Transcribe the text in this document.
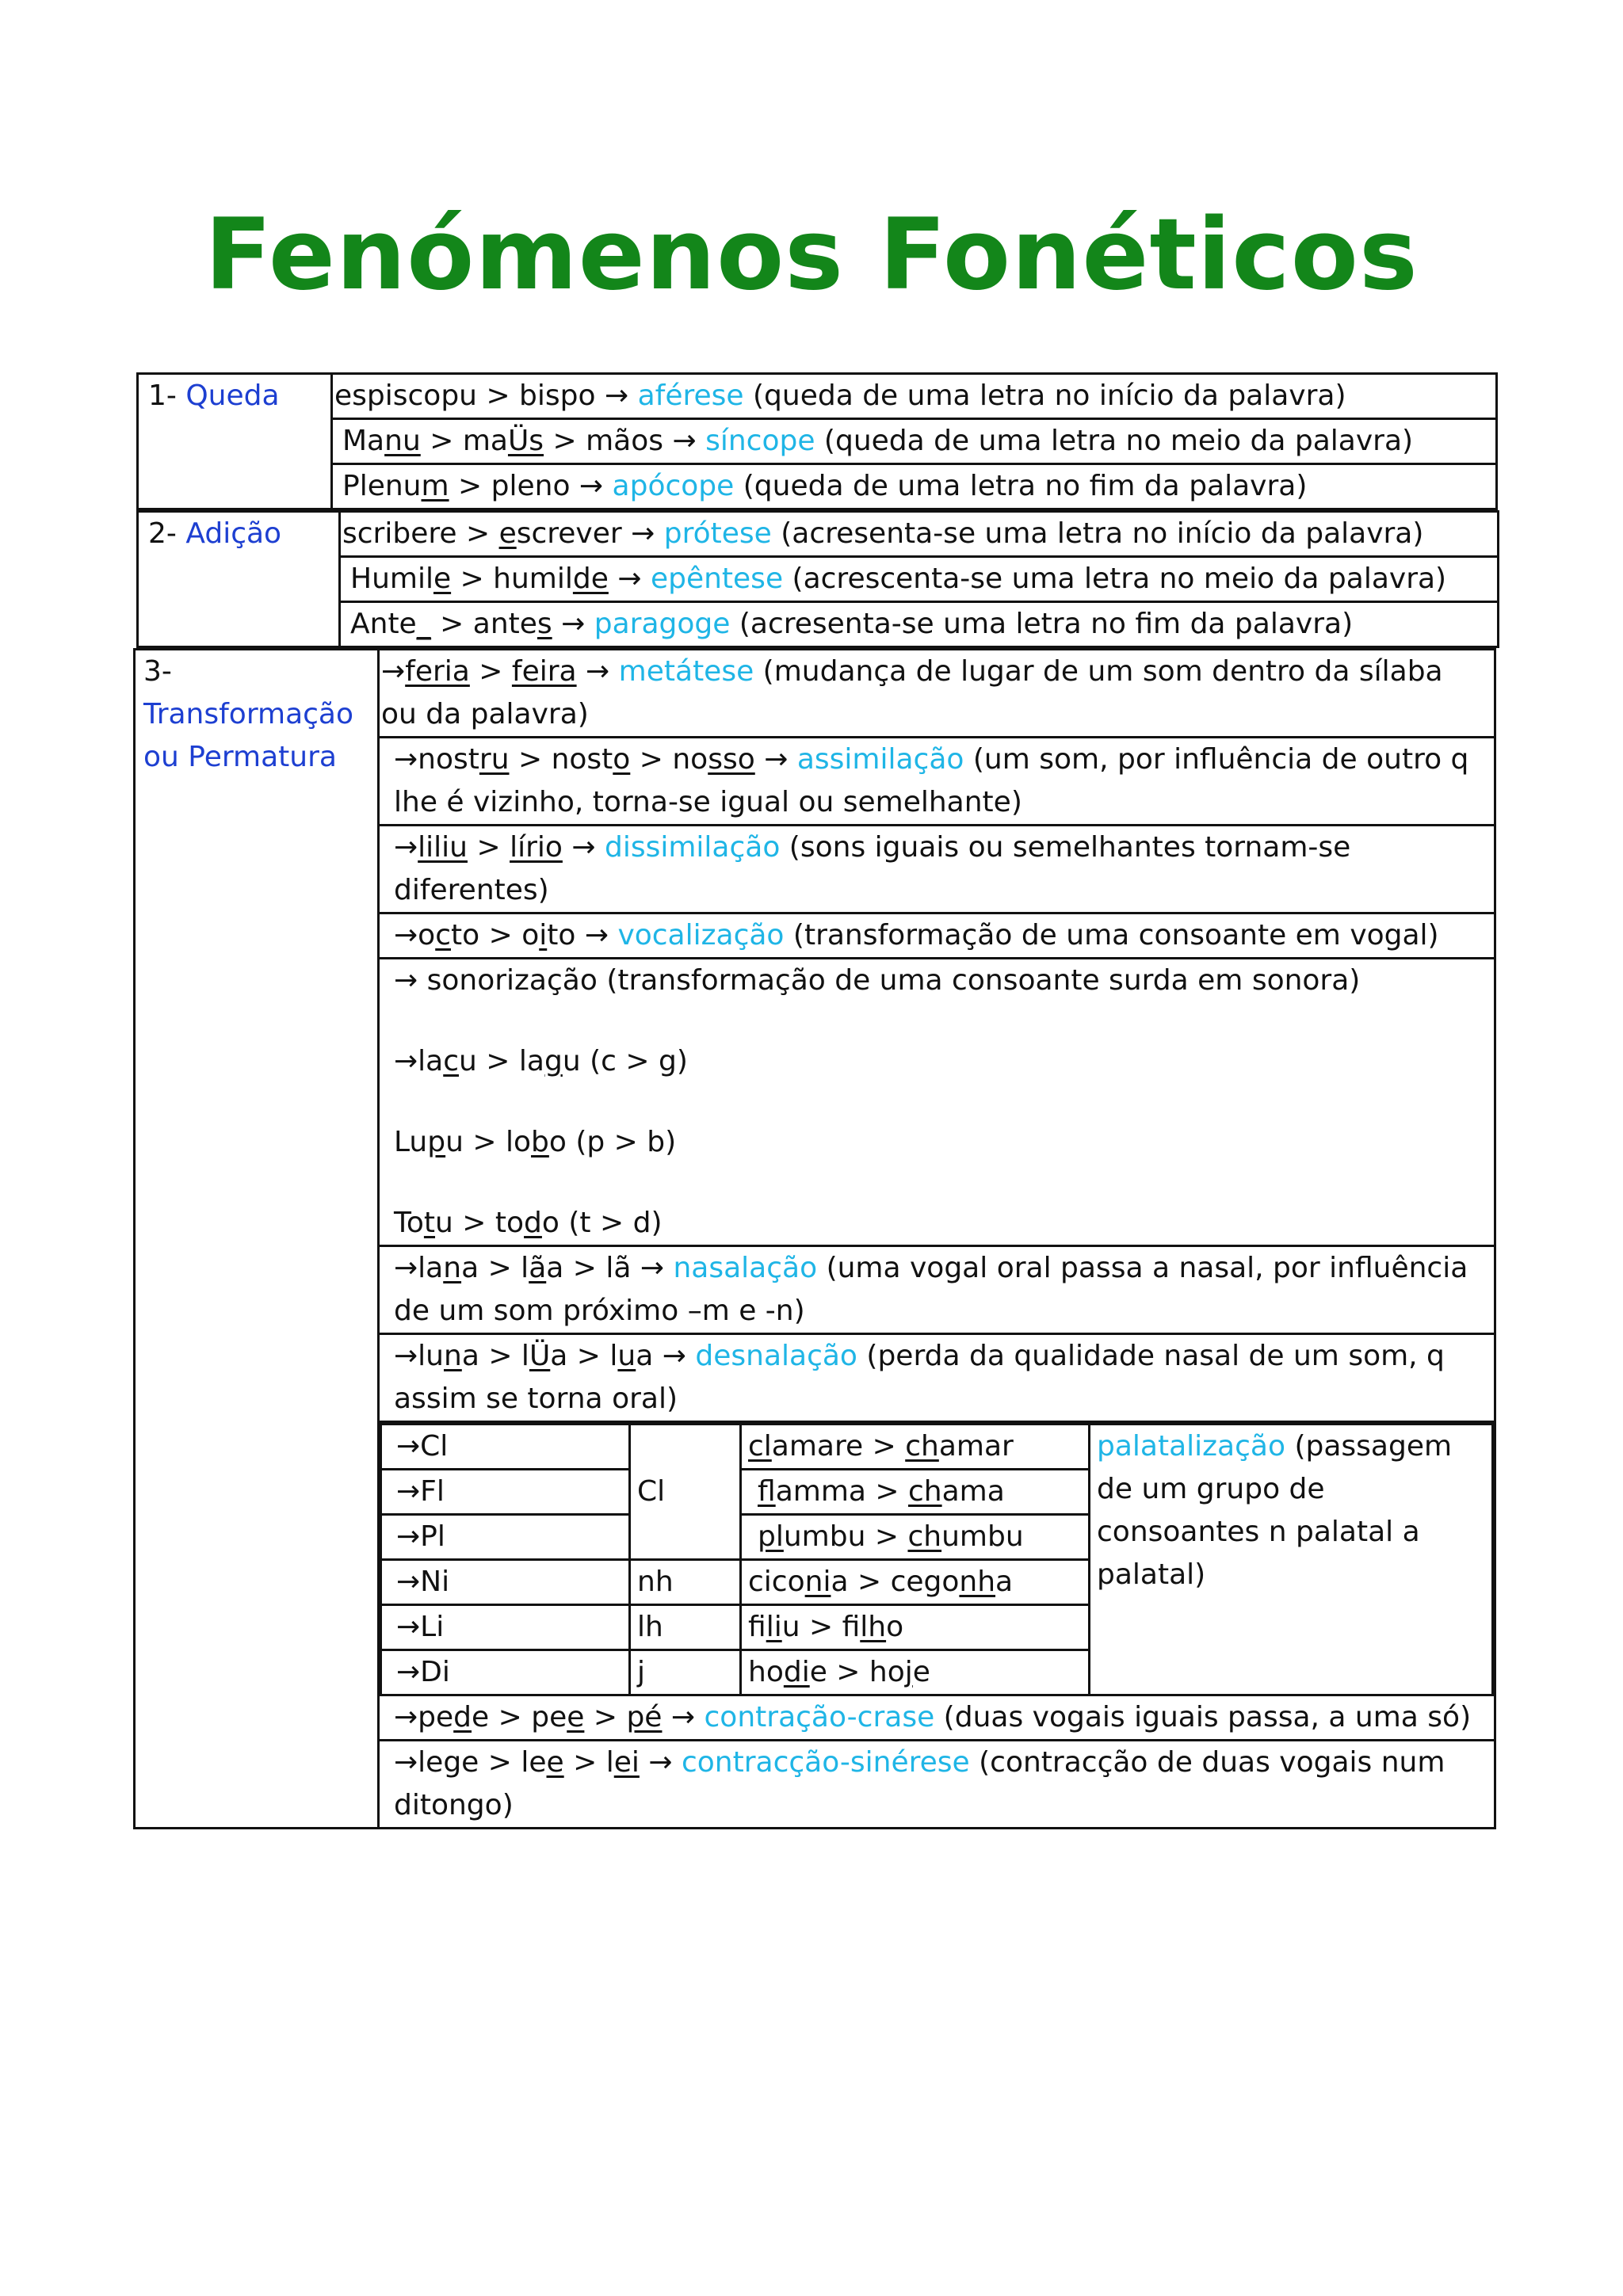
Fenómenos Fonéticos
1- Queda	espiscopu > bispo → aférese (queda de uma letra no início da palavra)
Manu > maÜs > mãos → síncope (queda de uma letra no meio da palavra)
Plenum > pleno → apócope (queda de uma letra no fim da palavra)
2- Adição	scribere > escrever → prótese (acresenta-se uma letra no início da palavra)
Humile > humilde → epêntese (acrescenta-se uma letra no meio da palavra)
Ante_ > antes → paragoge (acresenta-se uma letra no fim da palavra)
3-
Transformação ou Permatura
	→feria > feira → metátese (mudança de lugar de um som dentro da sílaba ou da palavra)
→nostru > nosto > nosso → assimilação (um som, por influência de outro q lhe é vizinho, torna-se igual ou semelhante)
→liliu > lírio → dissimilação (sons iguais ou semelhantes tornam-se diferentes)
→octo > oito → vocalização (transformação de uma consoante em vogal)

→ sonorização (transformação de uma consoante surda em sonora)
→lacu > lagu (c > g)
Lupu > lobo (p > b)
Totu > todo (t > d)

→lana > lãa > lã → nasalação (uma vogal oral passa a nasal, por influência de um som próximo –m e -n)
→luna > lÜa > lua → desnalação (perda da qualidade nasal de um som, q assim se torna oral)

→Cl	Cl	clamare > chamar	palatalização (passagem de um grupo de consoantes n palatal a palatal)
→Fl	flamma > chama
→Pl	plumbu > chumbu
→Ni	nh	ciconia > cegonha
→Li	lh	filiu > filho
→Di	j	hodie > hoje

→pede > pee > pé → contração-crase (duas vogais iguais passa, a uma só)
→lege > lee > lei → contracção-sinérese (contracção de duas vogais num ditongo)
